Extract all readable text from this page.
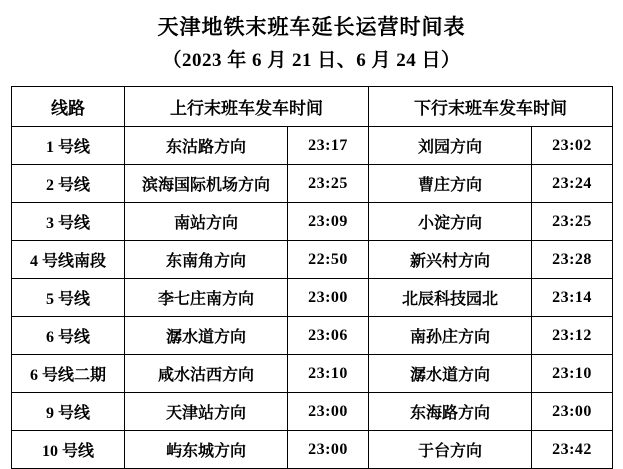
天津地铁末班车延长运营时间表
（2023 年 6 月 21 日、6 月 24 日）
线路	上行末班车发车时间		下行末班车发车时间	
1 号线	东沽路方向	23:17	刘园方向	23:02
2 号线	滨海国际机场方向	23:25	曹庄方向	23:24
3 号线	南站方向	23:09	小淀方向	23:25
4 号线南段	东南角方向	22:50	新兴村方向	23:28
5 号线	李七庄南方向	23:00	北辰科技园北	23:14
6 号线	潺水道方向	23:06	南孙庄方向	23:12
6 号线二期	咸水沽西方向	23:10	潺水道方向	23:10
9 号线	天津站方向	23:00	东海路方向	23:00
10 号线	屿东城方向	23:00	于台方向	23:42
